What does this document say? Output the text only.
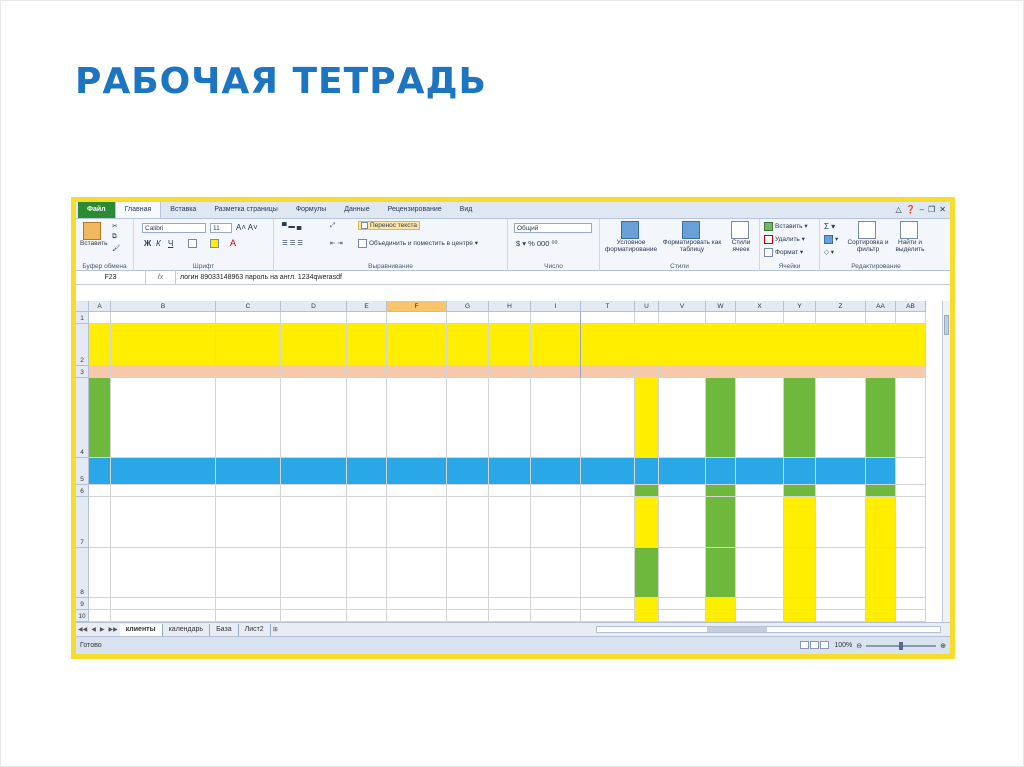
РАБОЧАЯ ТЕТРАДЬ
Файл	Главная	Вставка	Разметка страницы	Формулы	Данные	Рецензирование	Вид	△ ❓ – ❐ ✕

Вставить
✂
⧉
🖌
Буфер обмена
Calibri	11	A˄ A˅
Ж К Ч	A
Шрифт
▀ ▬ ▄	⤢	Перенос текста
☰ ☰ ☰	⇤ ⇥	Объединить и поместить в центре ▾
Выравнивание
Общий
$ ▾ % 000 ⁰⁰
Число

Условное форматирование

Форматировать как таблицу

Стили ячеек
Стили
Вставить ▾
Удалить ▾
Формат ▾
Ячейки
Σ ▾
▾
◇ ▾

Сортировка и фильтр

Найти и выделить
Редактирование
F23	fx	логин 89033148963 пароль на англ. 1234qwerasdf
A	B	C	D	E	F	G	H	I	T	U	V	W	X	Y	Z	AA	AB
1
2
3
4
5
6
7
8
9
10
◀◀ ◀ ▶ ▶▶	клиенты	календарь	База	Лист2	⊞
Готово	100% ⊖	⊕
